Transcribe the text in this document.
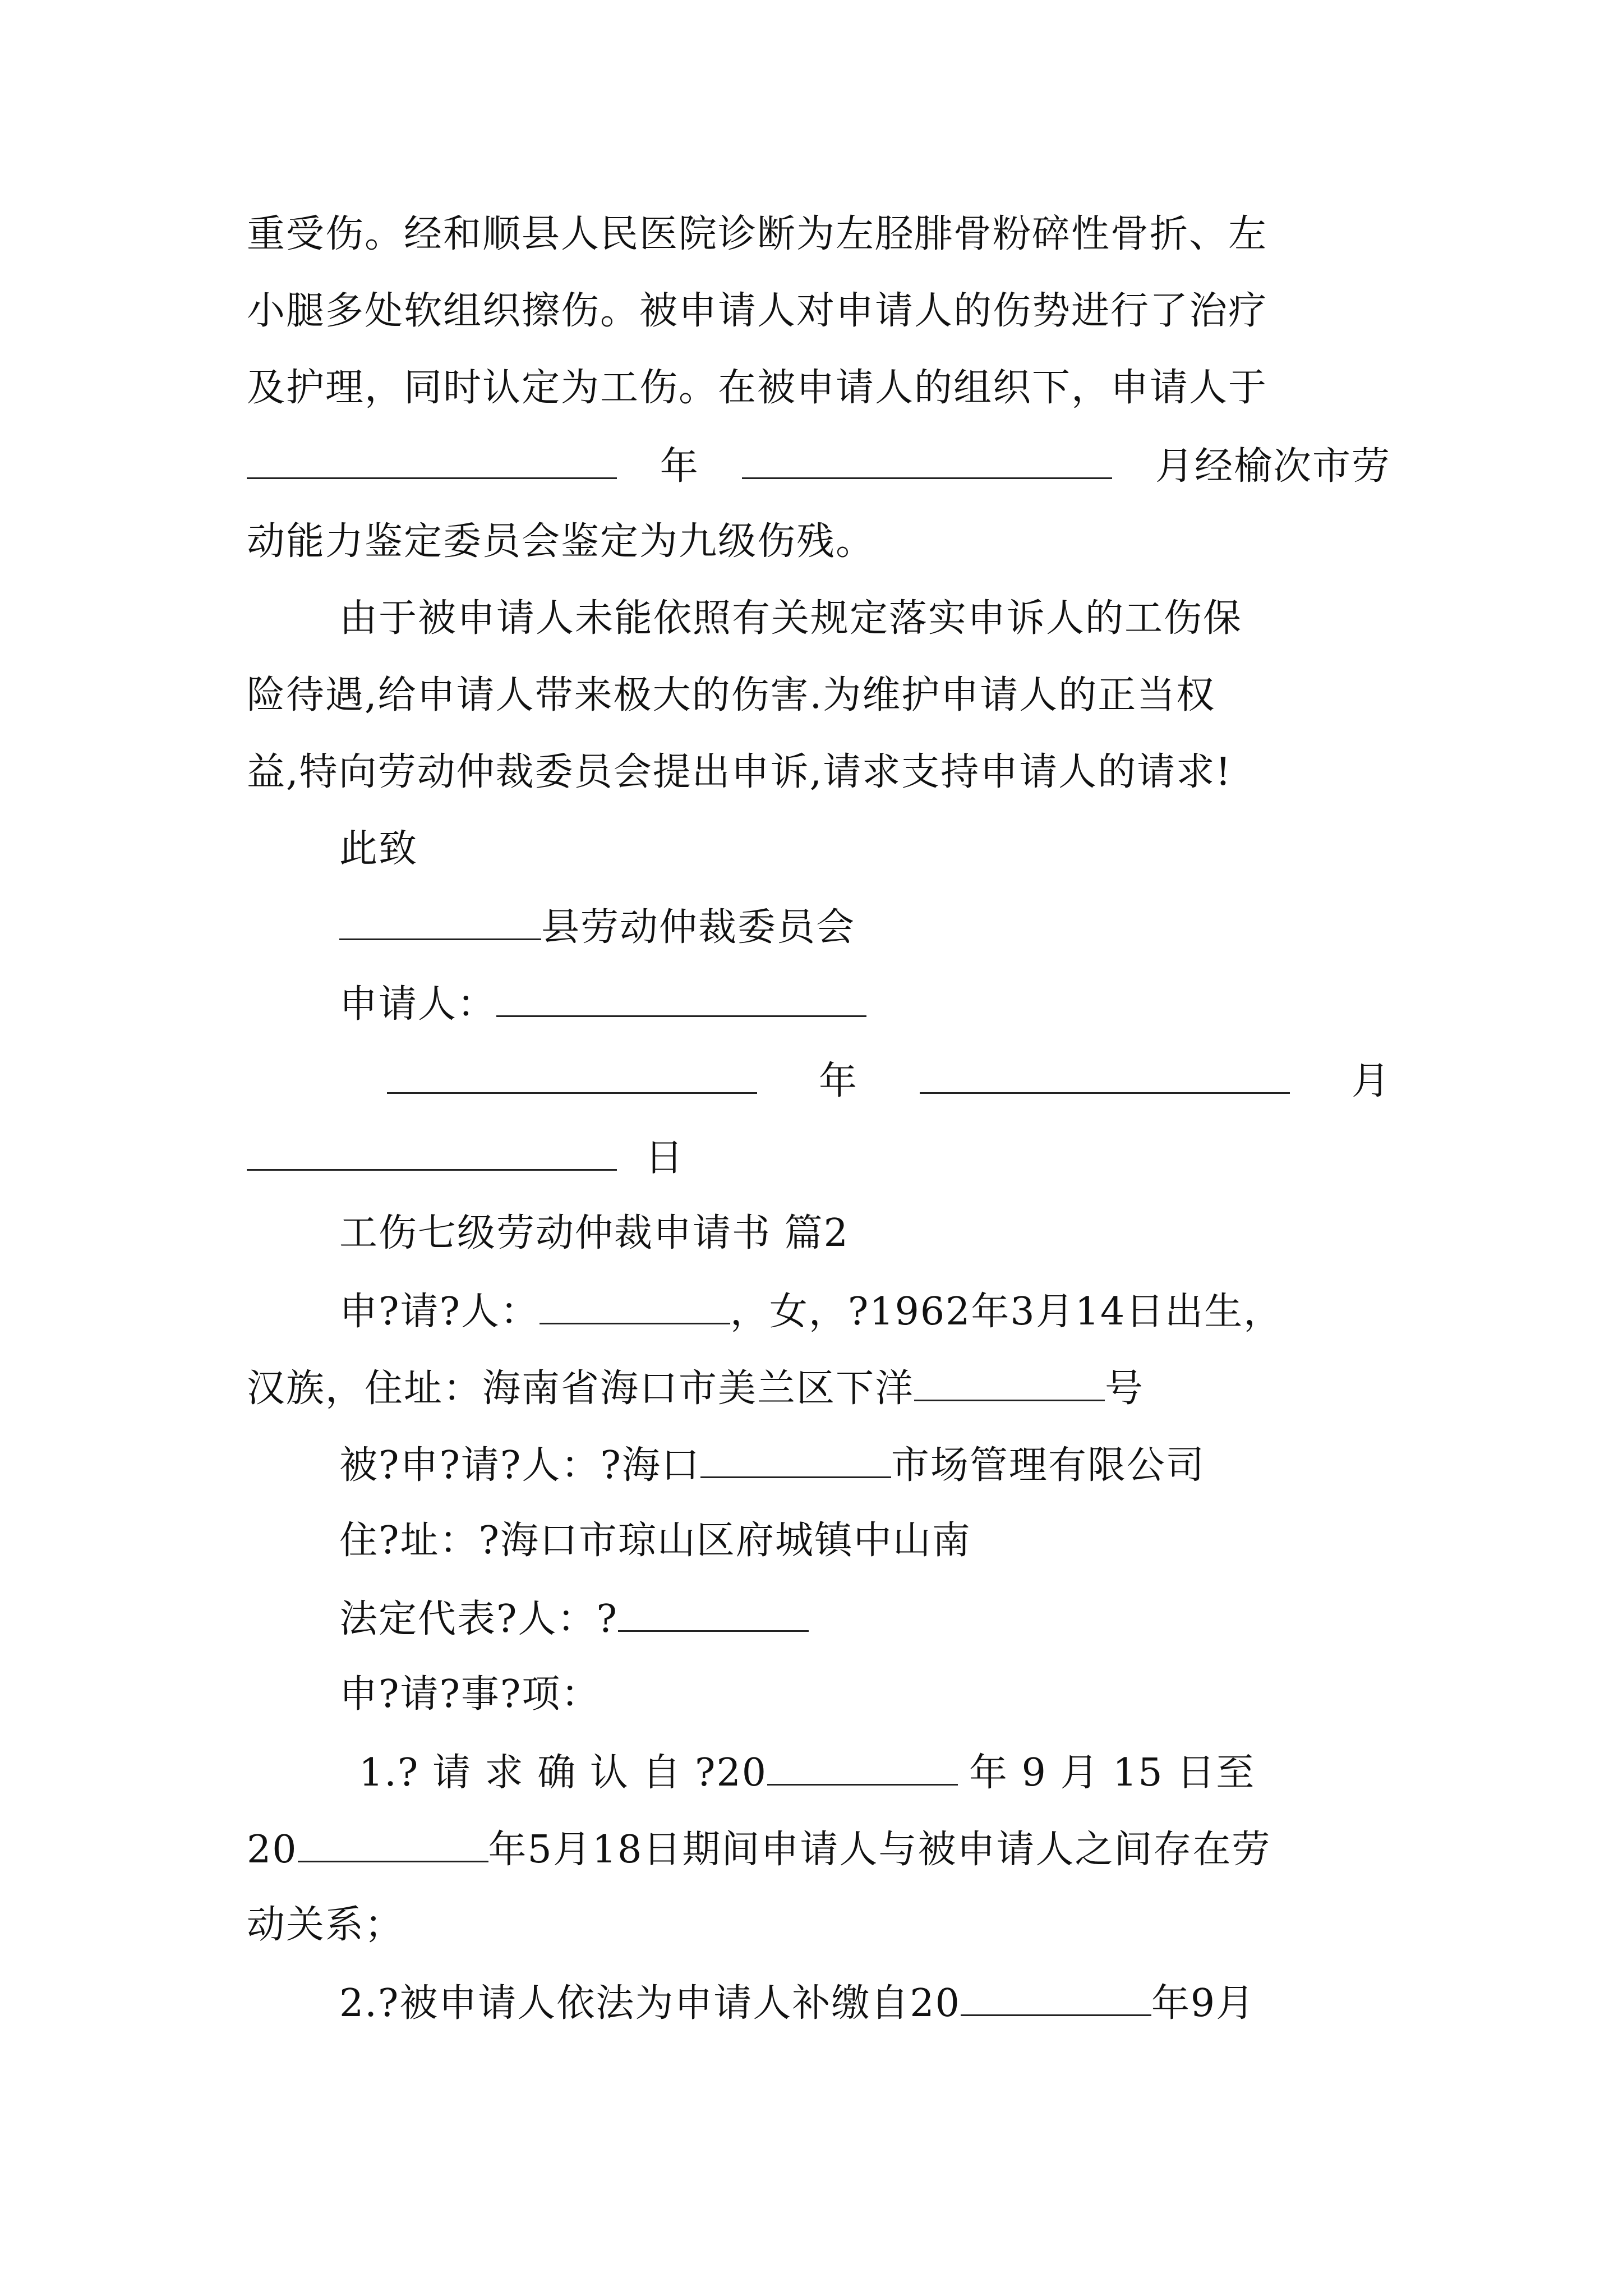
重受伤。经和顺县人民医院诊断为左胫腓骨粉碎性骨折、左
小腿多处软组织擦伤。被申请人对申请人的伤势进行了治疗
及护理，同时认定为工伤。在被申请人的组织下，申请人于
年	月经榆次市劳
动能力鉴定委员会鉴定为九级伤残。
由于被申请人未能依照有关规定落实申诉人的工伤保
险待遇,给申请人带来极大的伤害.为维护申请人的正当权
益,特向劳动仲裁委员会提出申诉,请求支持申请人的请求!
此致
县劳动仲裁委员会
申请人：
年	月
日
工伤七级劳动仲裁申请书 篇2
申?请?人：	，女，?1962年3月14日出生，
汉族，住址：海南省海口市美兰区下洋	号
被?申?请?人：?海口	市场管理有限公司
住?址：?海口市琼山区府城镇中山南
法定代表?人：?
申?请?事?项：
1.? 请 求 确 认 自 ?20	年 9 月 15 日至
20	年5月18日期间申请人与被申请人之间存在劳
动关系；
2.?被申请人依法为申请人补缴自20	年9月
